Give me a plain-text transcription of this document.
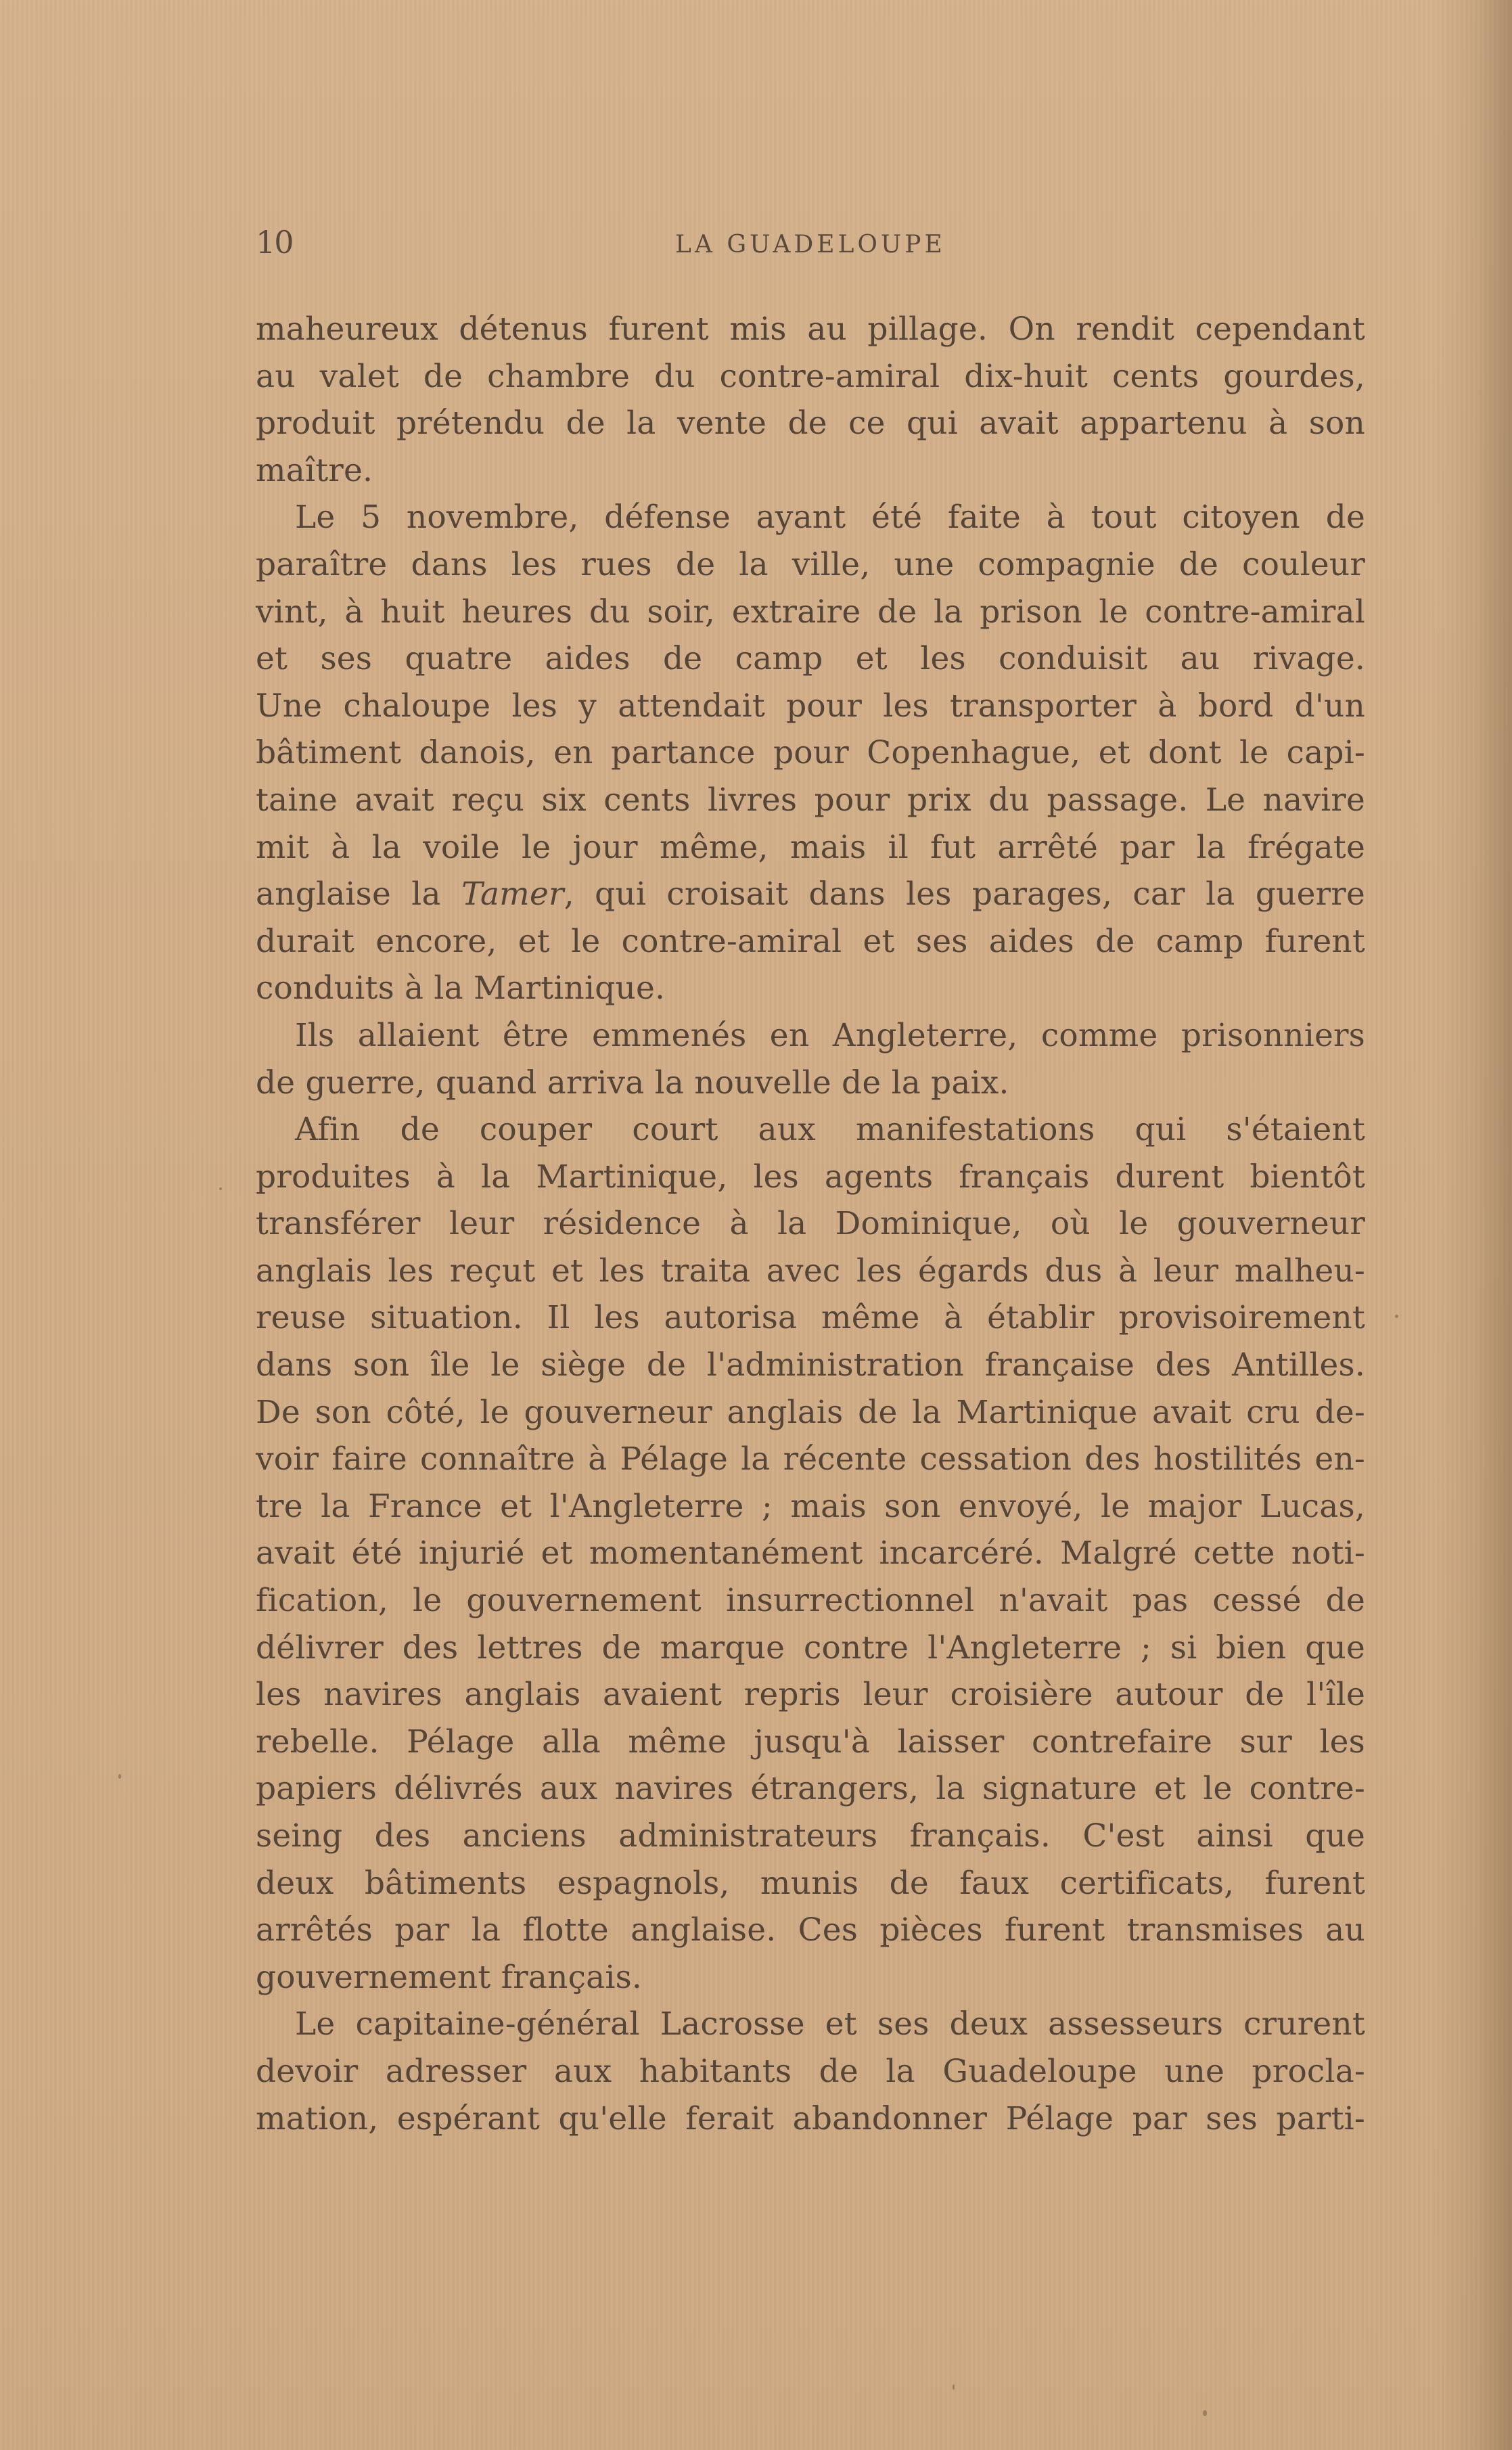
10	LA GUADELOUPE
maheureux détenus furent mis au pillage. On rendit cependant
au valet de chambre du contre-amiral dix-huit cents gourdes,
produit prétendu de la vente de ce qui avait appartenu à son
maître.
Le 5 novembre, défense ayant été faite à tout citoyen de
paraître dans les rues de la ville, une compagnie de couleur
vint, à huit heures du soir, extraire de la prison le contre-amiral
et ses quatre aides de camp et les conduisit au rivage.
Une chaloupe les y attendait pour les transporter à bord d'un
bâtiment danois, en partance pour Copenhague, et dont le capi-
taine avait reçu six cents livres pour prix du passage. Le navire
mit à la voile le jour même, mais il fut arrêté par la frégate
anglaise la Tamer, qui croisait dans les parages, car la guerre
durait encore, et le contre-amiral et ses aides de camp furent
conduits à la Martinique.
Ils allaient être emmenés en Angleterre, comme prisonniers
de guerre, quand arriva la nouvelle de la paix.
Afin de couper court aux manifestations qui s'étaient
produites à la Martinique, les agents français durent bientôt
transférer leur résidence à la Dominique, où le gouverneur
anglais les reçut et les traita avec les égards dus à leur malheu-
reuse situation. Il les autorisa même à établir provisoirement
dans son île le siège de l'administration française des Antilles.
De son côté, le gouverneur anglais de la Martinique avait cru de-
voir faire connaître à Pélage la récente cessation des hostilités en-
tre la France et l'Angleterre ; mais son envoyé, le major Lucas,
avait été injurié et momentanément incarcéré. Malgré cette noti-
fication, le gouvernement insurrectionnel n'avait pas cessé de
délivrer des lettres de marque contre l'Angleterre ; si bien que
les navires anglais avaient repris leur croisière autour de l'île
rebelle. Pélage alla même jusqu'à laisser contrefaire sur les
papiers délivrés aux navires étrangers, la signature et le contre-
seing des anciens administrateurs français. C'est ainsi que
deux bâtiments espagnols, munis de faux certificats, furent
arrêtés par la flotte anglaise. Ces pièces furent transmises au
gouvernement français.
Le capitaine-général Lacrosse et ses deux assesseurs crurent
devoir adresser aux habitants de la Guadeloupe une procla-
mation, espérant qu'elle ferait abandonner Pélage par ses parti-
